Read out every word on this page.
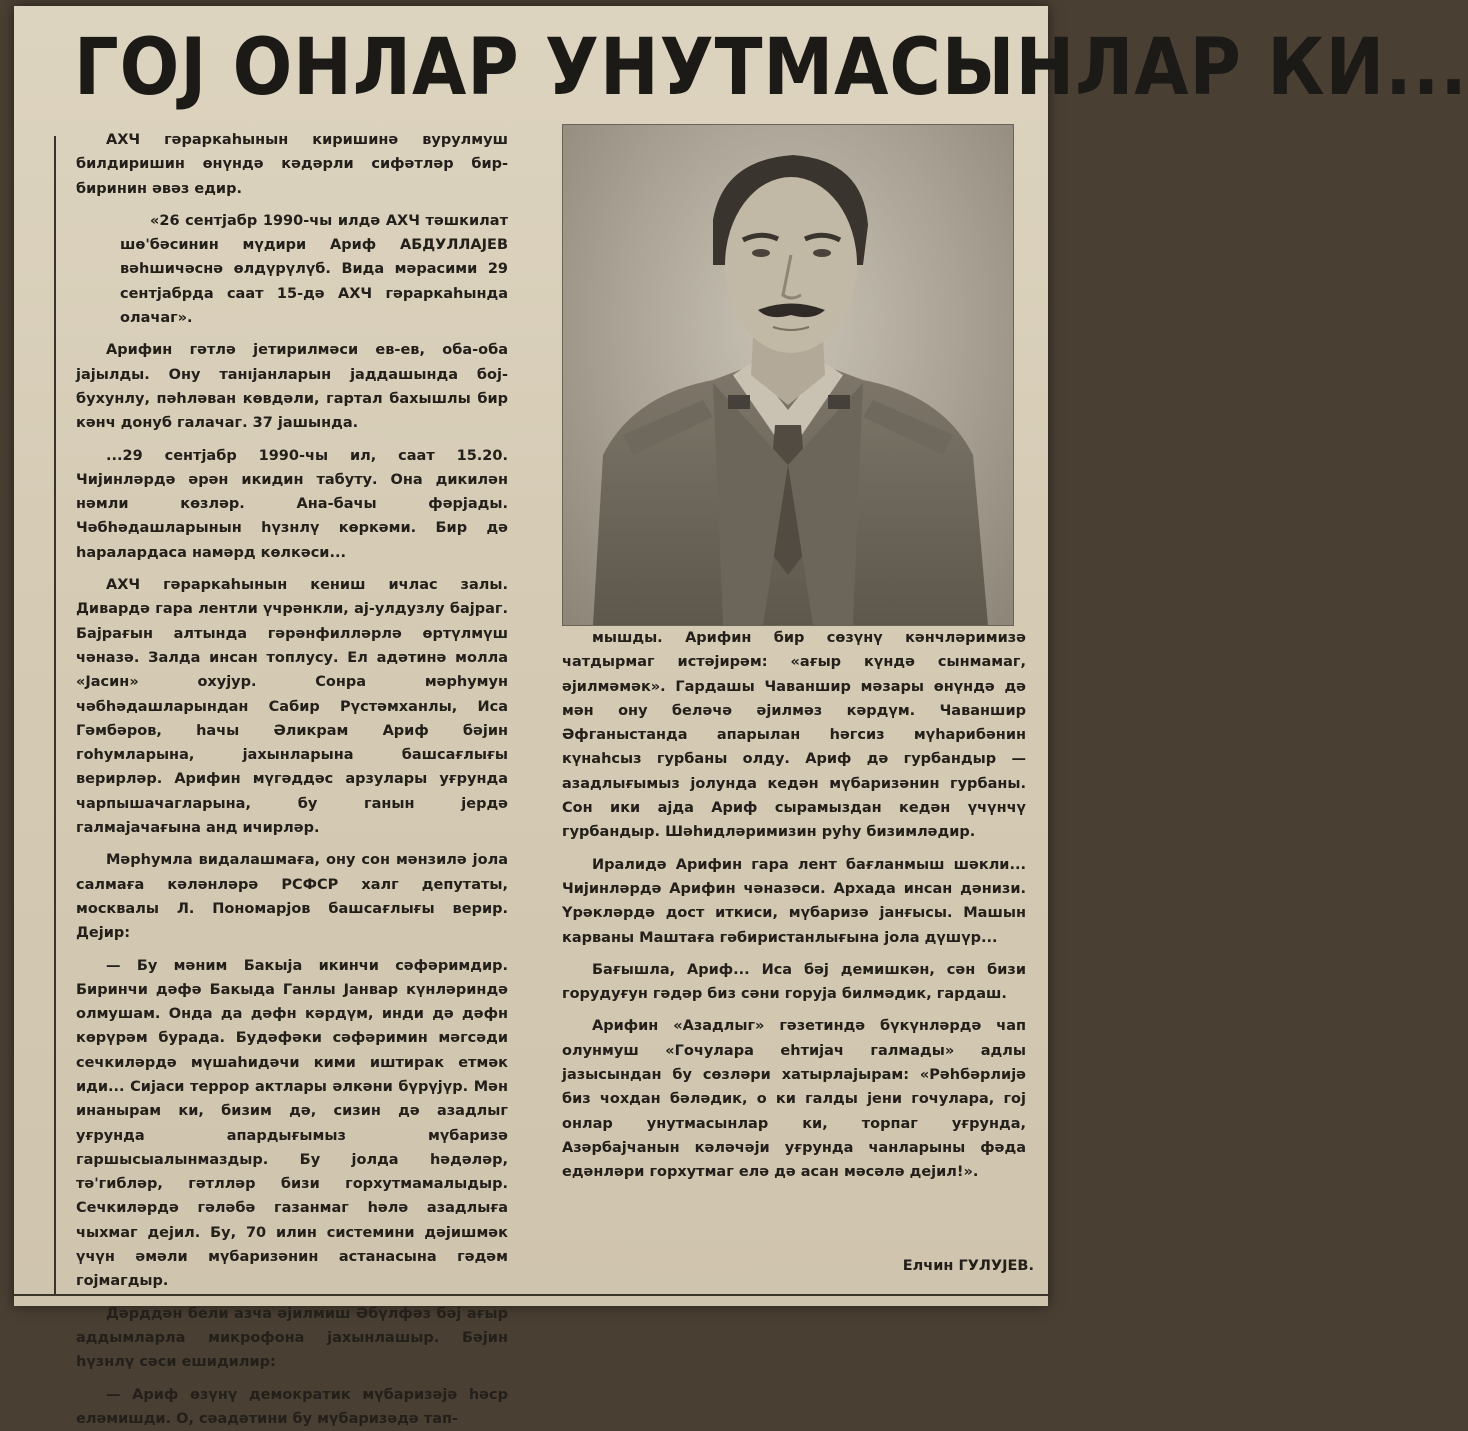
ГОЈ ОНЛАР УНУТМАСЫНЛАР КИ...

АХЧ гәраркаһынын киришинә вурулмуш билдиришин өнүндә кәдәрли сифәтләр бир-биринин әвәз едир.

«26 сентјабр 1990-чы илдә АХЧ тәшкилат шө'бәсинин мүдири Ариф АБДУЛЛАЈЕВ вәһшичәснә өлдүрүлүб. Вида мәрасими 29 сентјабрда саат 15-дә АХЧ гәраркаһында олачаг».

Арифин гәтлә јетирилмәси ев-ев, оба-оба јајылды. Ону танıјанларын јаддашында бој-бухунлу, пәһләван көвдәли, гартал бахышлы бир кәнч донуб галачаг. 37 јашында.

...29 сентјабр 1990-чы ил, саат 15.20. Чијинләрдә әрән икидин табуту. Она дикилән нәмли көзләр. Ана-бачы фәрјады. Чәбһәдашларынын һүзнлү көркәми. Бир дә һаралардаса намәрд көлкәси...

АХЧ гәраркаһынын кениш ичлас залы. Дивардә гара лентли үчрәнкли, ај-улдузлу бајраг. Бајрағын алтында гәрәнфилләрлә өртүлмүш чәназә. Залда инсан топлусу. Ел адәтинә молла «Јасин» охујур. Сонра мәрһумун чәбһәдашларындан Сабир Рүстәмханлы, Иса Гәмбәров, һачы Әликрам Ариф бәјин гоһумларына, јахынларына башсағлығы верирләр. Арифин мүгәддәс арзулары уғрунда чарпышачагларына, бу ганын јердә галмајачағына анд ичирләр.

Мәрһумла видалашмаға, ону сон мәнзилә јола салмаға кәләнләрә РСФСР халг депутаты, москвалы Л. Пономарјов башсағлығы верир. Дејир:

— Бу мәним Бакыја икинчи сәфәримдир. Биринчи дәфә Бакыда Ганлы Јанвар күнләриндә олмушам. Онда да дәфн кәрдүм, инди дә дәфн көрүрәм бурада. Будәфәки сәфәримин мәгсәди сечкиләрдә мүшаһидәчи кими иштирак етмәк иди... Сијаси террор актлары әлкәни бүрүјүр. Мән инанырам ки, бизим дә, сизин дә азадлыг уғрунда апардығымыз мүбаризә гаршысыалынмаздыр. Бу јолда һәдәләр, тә'гибләр, гәтлләр бизи горхутмамалыдыр. Сечкиләрдә гәләбә газанмаг һәлә азадлыға чыхмаг дејил. Бу, 70 илин системини дәјишмәк үчүн әмәли мүбаризәнин астанасына гәдәм гојмагдыр.

Дәрддән бели азча әјилмиш Әбүлфәз бәј ағыр аддымларла микрофона јахынлашыр. Бәјин һүзнлү сәси ешидилир:

— Ариф өзүнү демократик мүбаризәјә һәср еләмишди. О, сәадәтини бу мүбаризәдә тап-

мышды. Арифин бир сөзүнү кәнчләримизә чатдырмаг истәјирәм: «ағыр күндә сынмамаг, әјилмәмәк». Гардашы Чаваншир мәзары өнүндә дә мән ону беләчә әјилмәз кәрдүм. Чаваншир Әфганыстанда апарылан һәгсиз мүһарибәнин күнаһсыз гурбаны олду. Ариф дә гурбандыр — азадлығымыз јолунда кедән мүбаризәнин гурбаны. Сон ики ајда Ариф сырамыздан кедән үчүнчү гурбандыр. Шәһидләримизин руһу бизимләдир.

Иралидә Арифин гара лент бағланмыш шәкли... Чијинләрдә Арифин чәназәси. Архада инсан дәнизи. Үрәкләрдә дост иткиси, мүбаризә јанғысы. Машын карваны Маштаға гәбиристанлығына јола дүшүр...

Бағышла, Ариф... Иса бәј демишкән, сән бизи горудуғун гәдәр биз сәни горуја билмәдик, гардаш.

Арифин «Азадлыг» гәзетиндә бүкүнләрдә чап олунмуш «Гочулара еһтијач галмады» адлы јазысындан бу сөзләри хатырлајырам: «Рәһбәрлијә биз чохдан бәләдик, о ки галды јени гочулара, гој онлар унутмасынлар ки, торпаг уғрунда, Азәрбајчанын кәләчәји уғрунда чанларыны фәда едәнләри горхутмаг елә дә асан мәсәлә дејил!».

Елчин ГУЛУЈЕВ.
